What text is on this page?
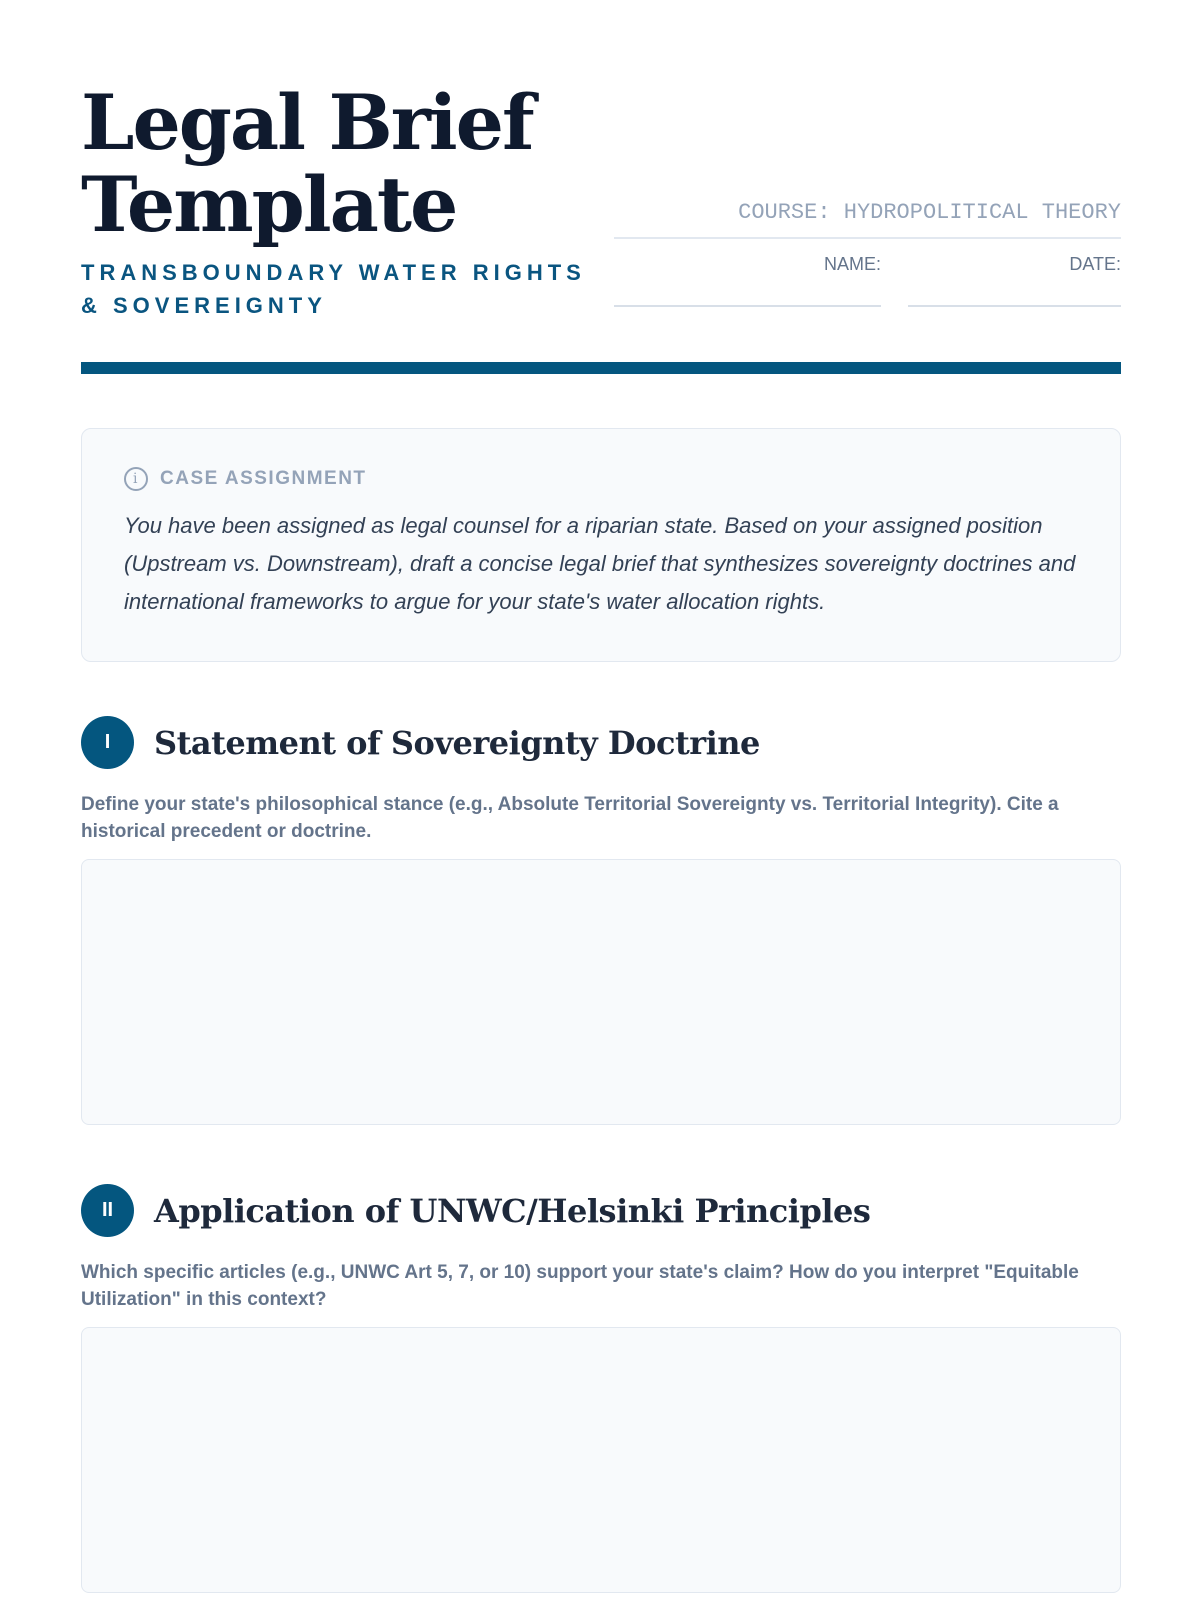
Legal Brief
Template
TRANSBOUNDARY WATER RIGHTS
& SOVEREIGNTY
COURSE: HYDROPOLITICAL THEORY
NAME:	DATE:
i	CASE ASSIGNMENT

You have been assigned as legal counsel for a riparian state. Based on your assigned position (Upstream vs. Downstream), draft a concise legal brief that synthesizes sovereignty doctrines and international frameworks to argue for your state's water allocation rights.

I	Statement of Sovereignty Doctrine

Define your state's philosophical stance (e.g., Absolute Territorial Sovereignty vs. Territorial Integrity). Cite a historical precedent or doctrine.

II	Application of UNWC/Helsinki Principles

Which specific articles (e.g., UNWC Art 5, 7, or 10) support your state's claim? How do you interpret "Equitable Utilization" in this context?
